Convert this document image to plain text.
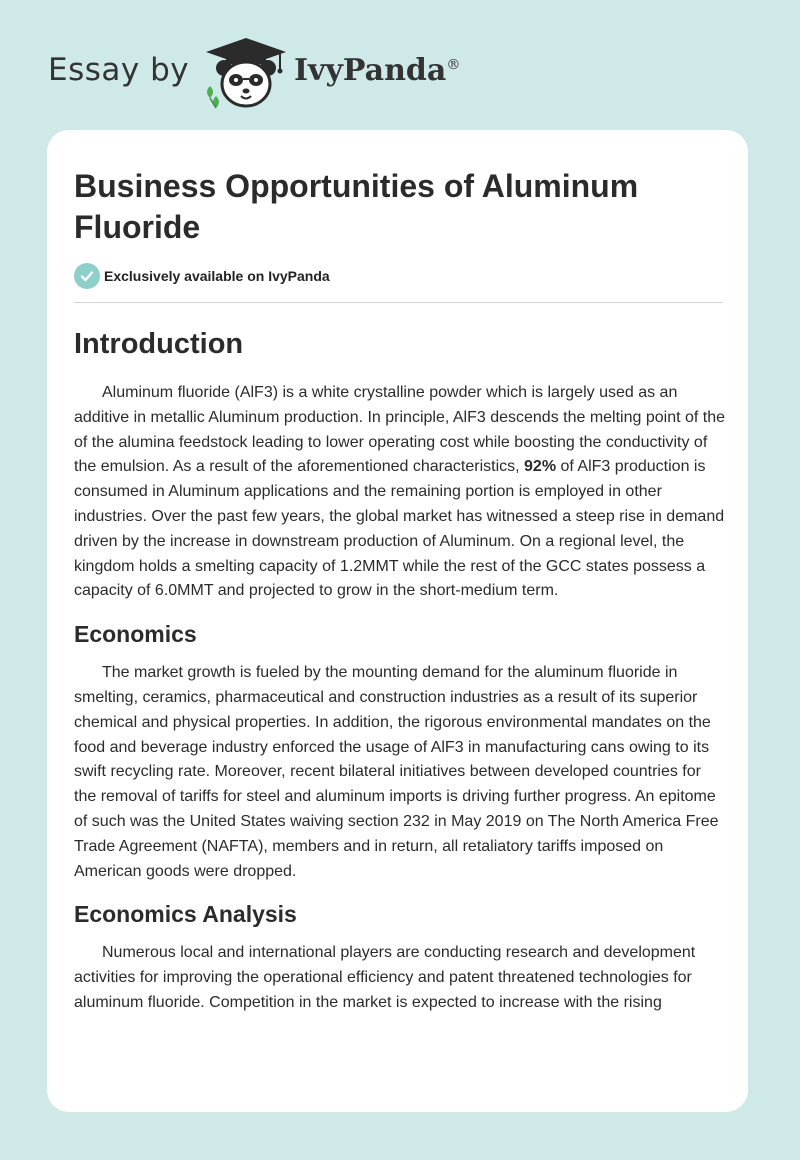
Essay by	IvyPanda®
Business Opportunities of Aluminum Fluoride
Exclusively available on IvyPanda
Introduction

Aluminum fluoride (AlF3) is a white crystalline powder which is largely used as an additive in metallic Aluminum production. In principle, AlF3 descends the melting point of the of the alumina feedstock leading to lower operating cost while boosting the conductivity of the emulsion. As a result of the aforementioned characteristics, 92% of AlF3 production is consumed in Aluminum applications and the remaining portion is employed in other industries. Over the past few years, the global market has witnessed a steep rise in demand driven by the increase in downstream production of Aluminum. On a regional level, the kingdom holds a smelting capacity of 1.2MMT while the rest of the GCC states possess a capacity of 6.0MMT and projected to grow in the short-medium term.

Economics

The market growth is fueled by the mounting demand for the aluminum fluoride in smelting, ceramics, pharmaceutical and construction industries as a result of its superior chemical and physical properties. In addition, the rigorous environmental mandates on the food and beverage industry enforced the usage of AlF3 in manufacturing cans owing to its swift recycling rate. Moreover, recent bilateral initiatives between developed countries for the removal of tariffs for steel and aluminum imports is driving further progress. An epitome of such was the United States waiving section 232 in May 2019 on The North America Free Trade Agreement (NAFTA), members and in return, all retaliatory tariffs imposed on American goods were dropped.

Economics Analysis

Numerous local and international players are conducting research and development activities for improving the operational efficiency and patent threatened technologies for aluminum fluoride. Competition in the market is expected to increase with the rising
